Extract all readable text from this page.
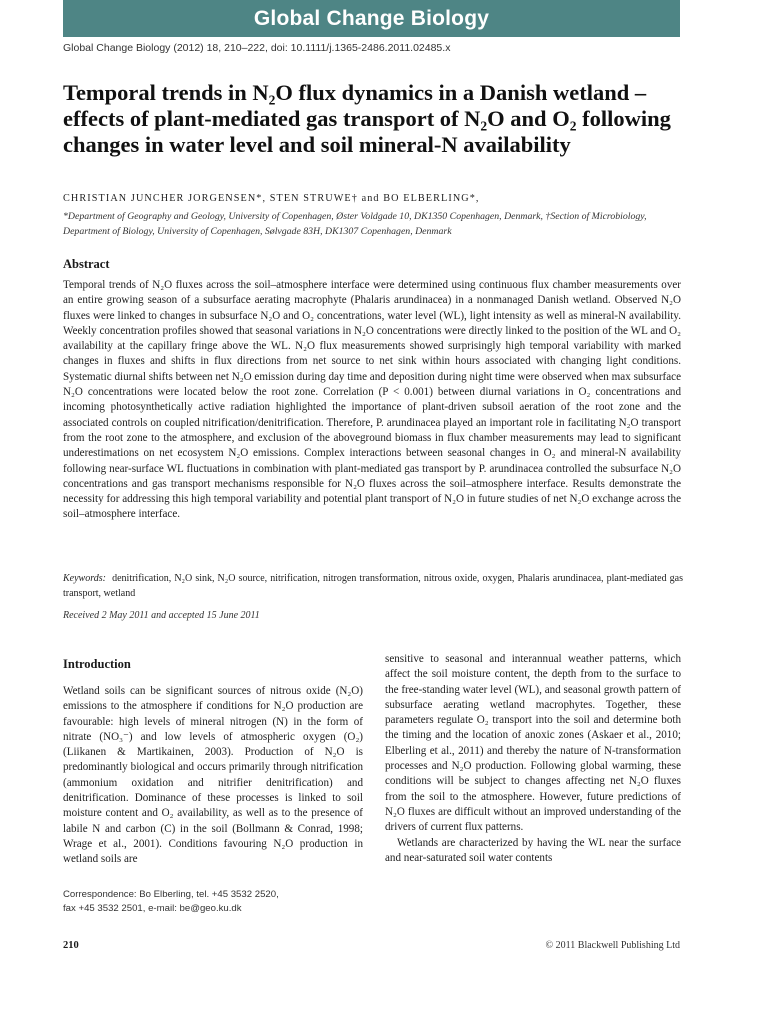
Global Change Biology
Global Change Biology (2012) 18, 210–222, doi: 10.1111/j.1365-2486.2011.02485.x
Temporal trends in N₂O flux dynamics in a Danish wetland – effects of plant-mediated gas transport of N₂O and O₂ following changes in water level and soil mineral-N availability
CHRISTIAN JUNCHER JORGENSEN*, STEN STRUWE† and BO ELBERLING*,
*Department of Geography and Geology, University of Copenhagen, Øster Voldgade 10, DK1350 Copenhagen, Denmark, †Section of Microbiology, Department of Biology, University of Copenhagen, Sølvgade 83H, DK1307 Copenhagen, Denmark
Abstract

Temporal trends of N₂O fluxes across the soil–atmosphere interface were determined using continuous flux chamber measurements over an entire growing season of a subsurface aerating macrophyte (Phalaris arundinacea) in a nonmanaged Danish wetland. Observed N₂O fluxes were linked to changes in subsurface N₂O and O₂ concentrations, water level (WL), light intensity as well as mineral-N availability. Weekly concentration profiles showed that seasonal variations in N₂O concentrations were directly linked to the position of the WL and O₂ availability at the capillary fringe above the WL. N₂O flux measurements showed surprisingly high temporal variability with marked changes in fluxes and shifts in flux directions from net source to net sink within hours associated with changing light conditions. Systematic diurnal shifts between net N₂O emission during day time and deposition during night time were observed when max subsurface N₂O concentrations were located below the root zone. Correlation (P < 0.001) between diurnal variations in O₂ concentrations and incoming photosynthetically active radiation highlighted the importance of plant-driven subsoil aeration of the root zone and the associated controls on coupled nitrification/denitrification. Therefore, P. arundinacea played an important role in facilitating N₂O transport from the root zone to the atmosphere, and exclusion of the aboveground biomass in flux chamber measurements may lead to significant underestimations on net ecosystem N₂O emissions. Complex interactions between seasonal changes in O₂ and mineral-N availability following near-surface WL fluctuations in combination with plant-mediated gas transport by P. arundinacea controlled the subsurface N₂O concentrations and gas transport mechanisms responsible for N₂O fluxes across the soil–atmosphere interface. Results demonstrate the necessity for addressing this high temporal variability and potential plant transport of N₂O in future studies of net N₂O exchange across the soil–atmosphere interface.

Keywords: denitrification, N₂O sink, N₂O source, nitrification, nitrogen transformation, nitrous oxide, oxygen, Phalaris arundinacea, plant-mediated gas transport, wetland
Received 2 May 2011 and accepted 15 June 2011
Introduction

Wetland soils can be significant sources of nitrous oxide (N₂O) emissions to the atmosphere if conditions for N₂O production are favourable: high levels of mineral nitrogen (N) in the form of nitrate (NO₃⁻) and low levels of atmospheric oxygen (O₂) (Liikanen & Martikainen, 2003). Production of N₂O is predominantly biological and occurs primarily through nitrification (ammonium oxidation and nitrifier denitrification) and denitrification. Dominance of these processes is linked to soil moisture content and O₂ availability, as well as to the presence of labile N and carbon (C) in the soil (Bollmann & Conrad, 1998; Wrage et al., 2001). Conditions favouring N₂O production in wetland soils are

sensitive to seasonal and interannual weather patterns, which affect the soil moisture content, the depth from to the surface to the free-standing water level (WL), and seasonal growth pattern of subsurface aerating wetland macrophytes. Together, these parameters regulate O₂ transport into the soil and determine both the timing and the location of anoxic zones (Askaer et al., 2010; Elberling et al., 2011) and thereby the nature of N-transformation processes and N₂O production. Following global warming, these conditions will be subject to changes affecting net N₂O fluxes from the soil to the atmosphere. However, future predictions of N₂O fluxes are difficult without an improved understanding of the drivers of current flux patterns.

Wetlands are characterized by having the WL near the surface and near-saturated soil water contents

Correspondence: Bo Elberling, tel. +45 3532 2520,
fax +45 3532 2501, e-mail: be@geo.ku.dk
210	© 2011 Blackwell Publishing Ltd
